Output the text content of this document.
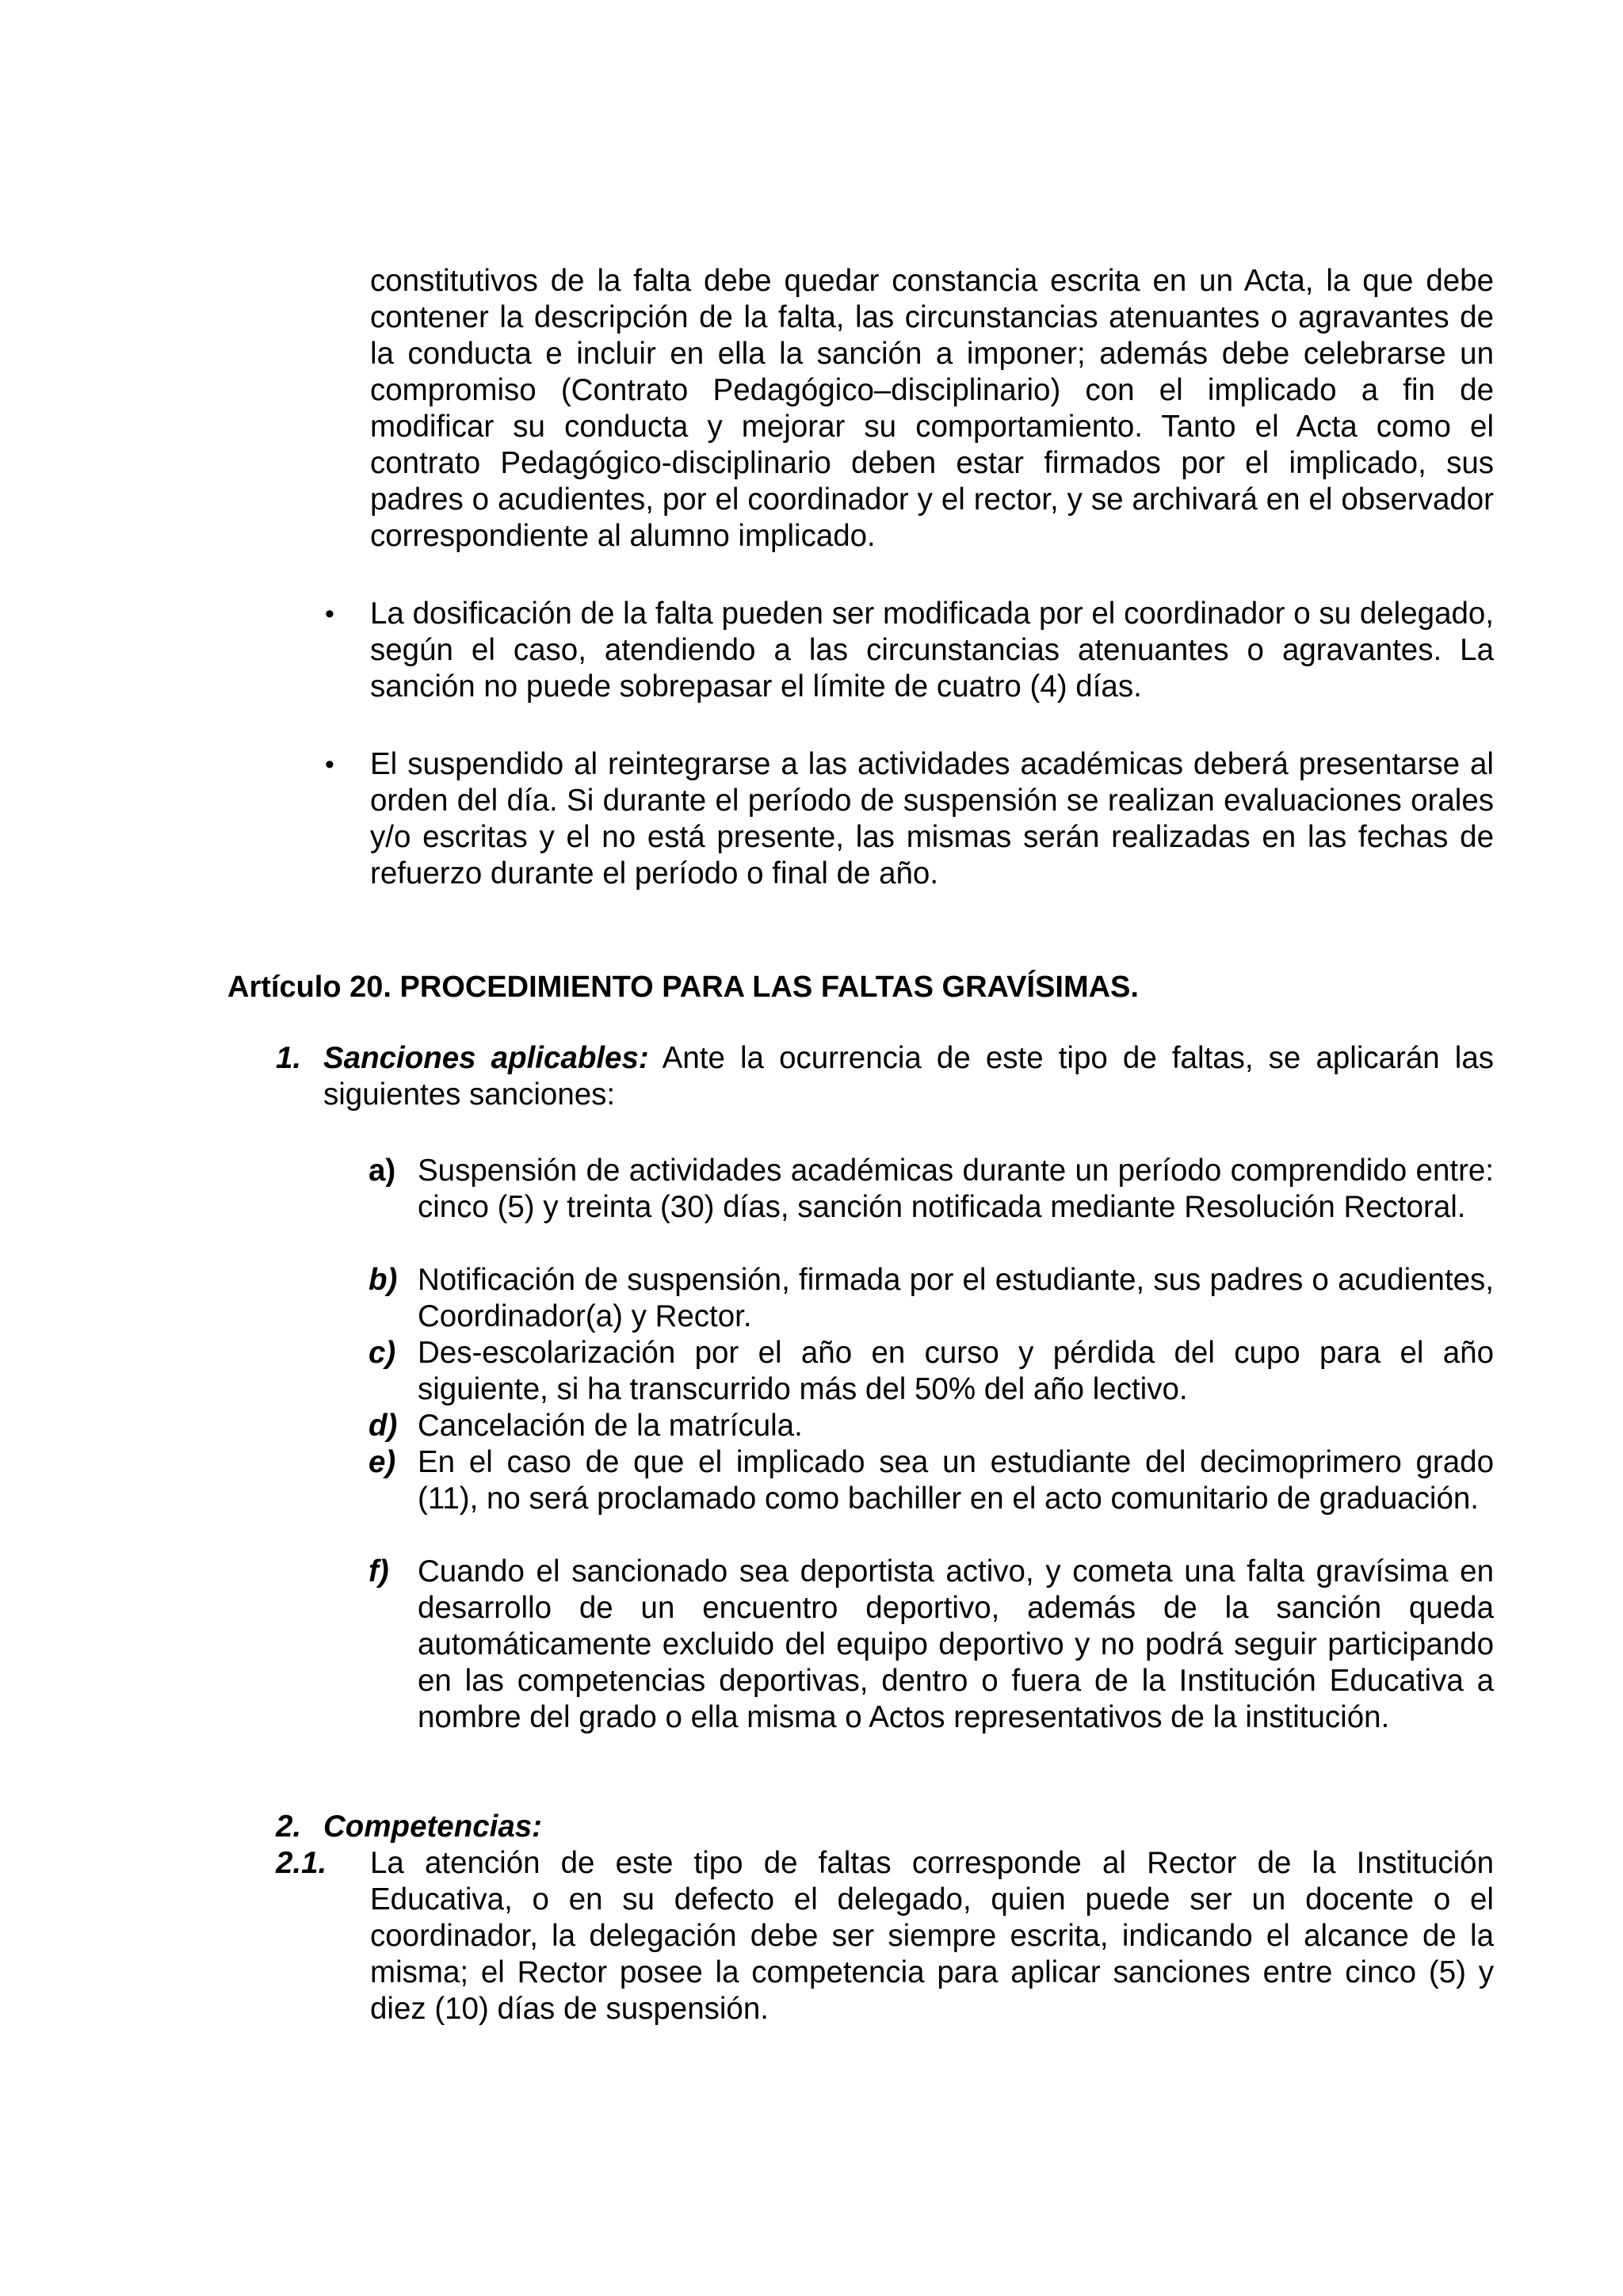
constitutivos de la falta debe quedar constancia escrita en un Acta, la que debe contener la descripción de la falta, las circunstancias atenuantes o agravantes de la conducta e incluir en ella la sanción a imponer; además debe celebrarse un compromiso (Contrato Pedagógico–disciplinario) con el implicado a fin de modificar su conducta y mejorar su comportamiento. Tanto el Acta como el contrato Pedagógico-disciplinario deben estar firmados por el implicado, sus padres o acudientes, por el coordinador y el rector, y se archivará en el observador correspondiente al alumno implicado.

•	La dosificación de la falta pueden ser modificada por el coordinador o su delegado, según el caso, atendiendo a las circunstancias atenuantes o agravantes. La sanción no puede sobrepasar el límite de cuatro (4) días.
•	El suspendido al reintegrarse a las actividades académicas deberá presentarse al orden del día. Si durante el período de suspensión se realizan evaluaciones orales y/o escritas y el no está presente, las mismas serán realizadas en las fechas de refuerzo durante el período o final de año.
Artículo 20. PROCEDIMIENTO PARA LAS FALTAS GRAVÍSIMAS.
1. Sanciones aplicables: Ante la ocurrencia de este tipo de faltas, se aplicarán las siguientes sanciones:
a) Suspensión de actividades académicas durante un período comprendido entre: cinco (5) y treinta (30) días, sanción notificada mediante Resolución Rectoral.
b) Notificación de suspensión, firmada por el estudiante, sus padres o acudientes, Coordinador(a) y Rector.
c) Des-escolarización por el año en curso y pérdida del cupo para el año siguiente, si ha transcurrido más del 50% del año lectivo.
d) Cancelación de la matrícula.
e) En el caso de que el implicado sea un estudiante del decimoprimero grado (11), no será proclamado como bachiller en el acto comunitario de graduación.
f) Cuando el sancionado sea deportista activo, y cometa una falta gravísima en desarrollo de un encuentro deportivo, además de la sanción queda automáticamente excluido del equipo deportivo y no podrá seguir participando en las competencias deportivas, dentro o fuera de la Institución Educativa a nombre del grado o ella misma o Actos representativos de la institución.
2. Competencias:
2.1. La atención de este tipo de faltas corresponde al Rector de la Institución Educativa, o en su defecto el delegado, quien puede ser un docente o el coordinador, la delegación debe ser siempre escrita, indicando el alcance de la misma; el Rector posee la competencia para aplicar sanciones entre cinco (5) y diez (10) días de suspensión.
